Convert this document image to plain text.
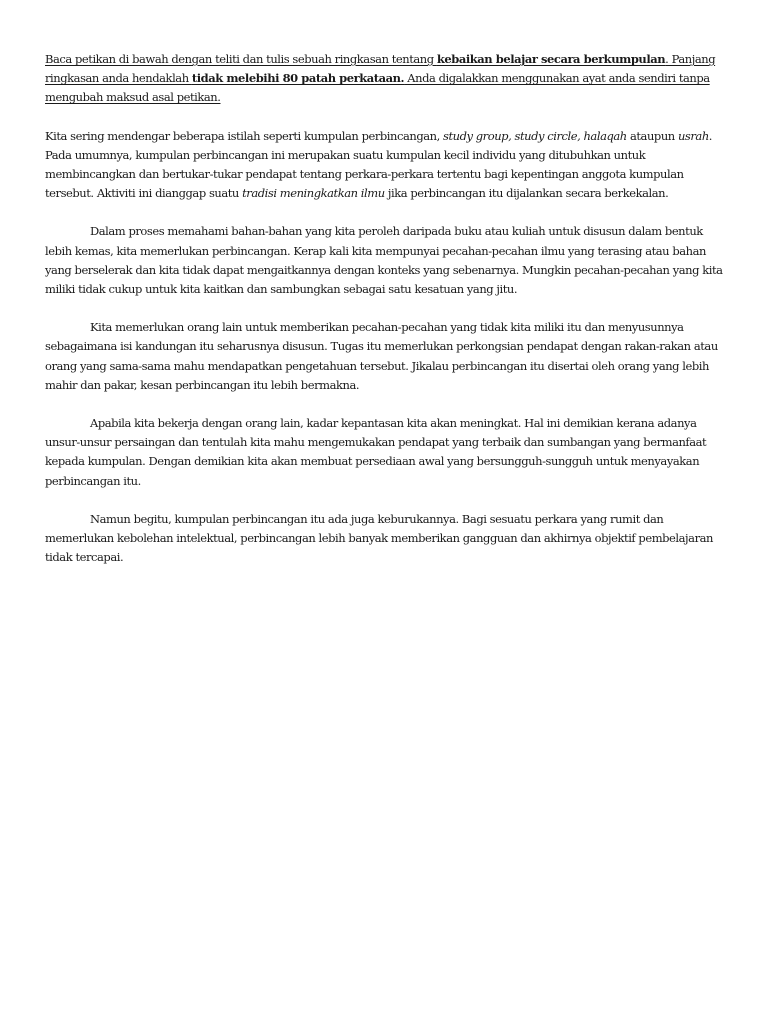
Baca petikan di bawah dengan teliti dan tulis sebuah ringkasan tentang kebaikan belajar secara berkumpulan. Panjang ringkasan anda hendaklah tidak melebihi 80 patah perkataan. Anda digalakkan menggunakan ayat anda sendiri tanpa mengubah maksud asal petikan.

Kita sering mendengar beberapa istilah seperti kumpulan perbincangan, study group, study circle, halaqah ataupun usrah. Pada umumnya, kumpulan perbincangan ini merupakan suatu kumpulan kecil individu yang ditubuhkan untuk membincangkan dan bertukar-tukar pendapat tentang perkara-perkara tertentu bagi kepentingan anggota kumpulan tersebut. Aktiviti ini dianggap suatu tradisi meningkatkan ilmu jika perbincangan itu dijalankan secara berkekalan.

Dalam proses memahami bahan-bahan yang kita peroleh daripada buku atau kuliah untuk disusun dalam bentuk lebih kemas, kita memerlukan perbincangan. Kerap kali kita mempunyai pecahan-pecahan ilmu yang terasing atau bahan yang berselerak dan kita tidak dapat mengaitkannya dengan konteks yang sebenarnya. Mungkin pecahan-pecahan yang kita miliki tidak cukup untuk kita kaitkan dan sambungkan sebagai satu kesatuan yang jitu.

Kita memerlukan orang lain untuk memberikan pecahan-pecahan yang tidak kita miliki itu dan menyusunnya sebagaimana isi kandungan itu seharusnya disusun. Tugas itu memerlukan perkongsian pendapat dengan rakan-rakan atau orang yang sama-sama mahu mendapatkan pengetahuan tersebut. Jikalau perbincangan itu disertai oleh orang yang lebih mahir dan pakar, kesan perbincangan itu lebih bermakna.

Apabila kita bekerja dengan orang lain, kadar kepantasan kita akan meningkat. Hal ini demikian kerana adanya unsur-unsur persaingan dan tentulah kita mahu mengemukakan pendapat yang terbaik dan sumbangan yang bermanfaat kepada kumpulan. Dengan demikian kita akan membuat persediaan awal yang bersungguh-sungguh untuk menyayakan perbincangan itu.

Namun begitu, kumpulan perbincangan itu ada juga keburukannya. Bagi sesuatu perkara yang rumit dan memerlukan kebolehan intelektual, perbincangan lebih banyak memberikan gangguan dan akhirnya objektif pembelajaran tidak tercapai.
